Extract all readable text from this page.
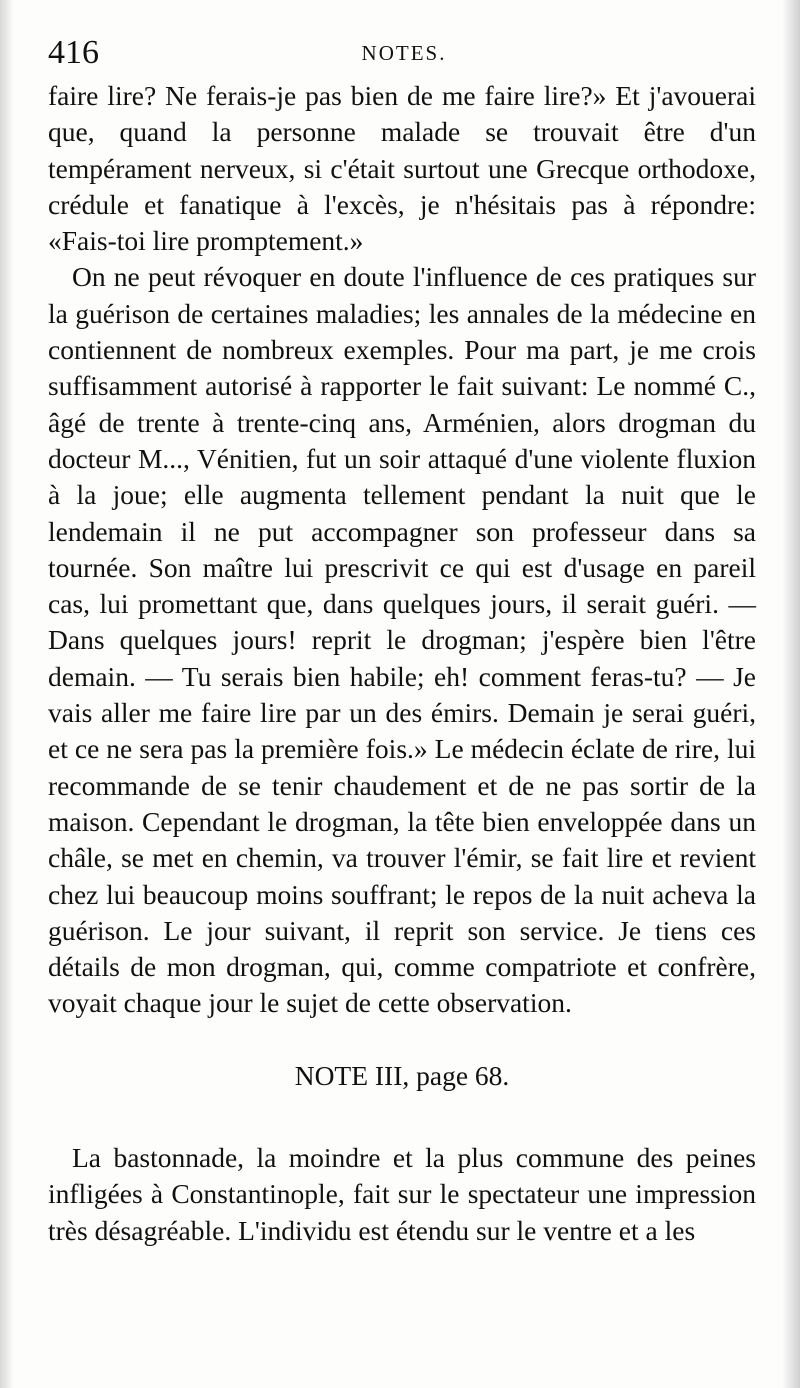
416	NOTES.

faire lire? Ne ferais-je pas bien de me faire lire?» Et j'avouerai que, quand la personne malade se trouvait être d'un tempérament nerveux, si c'était surtout une Grecque orthodoxe, crédule et fanatique à l'excès, je n'hésitais pas à répondre: «Fais-toi lire promptement.»

On ne peut révoquer en doute l'influence de ces pratiques sur la guérison de certaines maladies; les annales de la médecine en contiennent de nombreux exemples. Pour ma part, je me crois suffisamment autorisé à rapporter le fait suivant: Le nommé C., âgé de trente à trente-cinq ans, Arménien, alors drogman du docteur M..., Vénitien, fut un soir attaqué d'une violente fluxion à la joue; elle augmenta tellement pendant la nuit que le lendemain il ne put accompagner son professeur dans sa tournée. Son maître lui prescrivit ce qui est d'usage en pareil cas, lui promettant que, dans quelques jours, il serait guéri. — Dans quelques jours! reprit le drogman; j'espère bien l'être demain. — Tu serais bien habile; eh! comment feras-tu? — Je vais aller me faire lire par un des émirs. Demain je serai guéri, et ce ne sera pas la première fois.» Le médecin éclate de rire, lui recommande de se tenir chaudement et de ne pas sortir de la maison. Cependant le drogman, la tête bien enveloppée dans un châle, se met en chemin, va trouver l'émir, se fait lire et revient chez lui beaucoup moins souffrant; le repos de la nuit acheva la guérison. Le jour suivant, il reprit son service. Je tiens ces détails de mon drogman, qui, comme compatriote et confrère, voyait chaque jour le sujet de cette observation.

NOTE III, page 68.

La bastonnade, la moindre et la plus commune des peines infligées à Constantinople, fait sur le spectateur une impression très désagréable. L'individu est étendu sur le ventre et a les
